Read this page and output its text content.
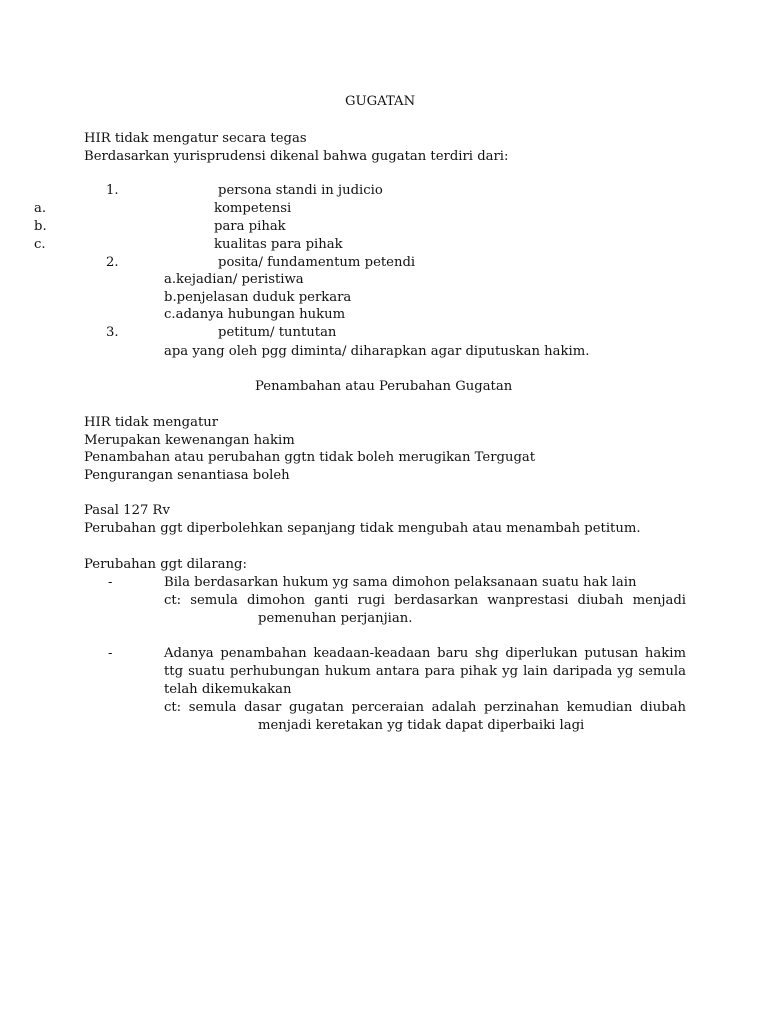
GUGATAN
HIR tidak mengatur secara tegas
Berdasarkan yurisprudensi dikenal bahwa gugatan terdiri dari:
1.	persona standi in judicio
a.	kompetensi
b.	para pihak
c.	kualitas para pihak
2.	posita/ fundamentum petendi
a.kejadian/ peristiwa
b.penjelasan duduk perkara
c.adanya hubungan hukum
3.	petitum/ tuntutan
apa yang oleh pgg diminta/ diharapkan agar diputuskan hakim.
Penambahan atau Perubahan Gugatan
HIR tidak mengatur
Merupakan kewenangan hakim
Penambahan atau perubahan ggtn tidak boleh merugikan Tergugat
Pengurangan senantiasa boleh
Pasal 127 Rv
Perubahan ggt diperbolehkan sepanjang tidak mengubah atau menambah petitum.
Perubahan ggt dilarang:
-	Bila berdasarkan hukum yg sama dimohon pelaksanaan suatu hak lain
ct: semula dimohon ganti rugi berdasarkan wanprestasi diubah menjadi
pemenuhan perjanjian.
-	Adanya penambahan keadaan-keadaan baru shg diperlukan putusan hakim
ttg suatu perhubungan hukum antara para pihak yg lain daripada yg semula
telah dikemukakan
ct: semula dasar gugatan perceraian adalah perzinahan kemudian diubah
menjadi keretakan yg tidak dapat diperbaiki lagi
